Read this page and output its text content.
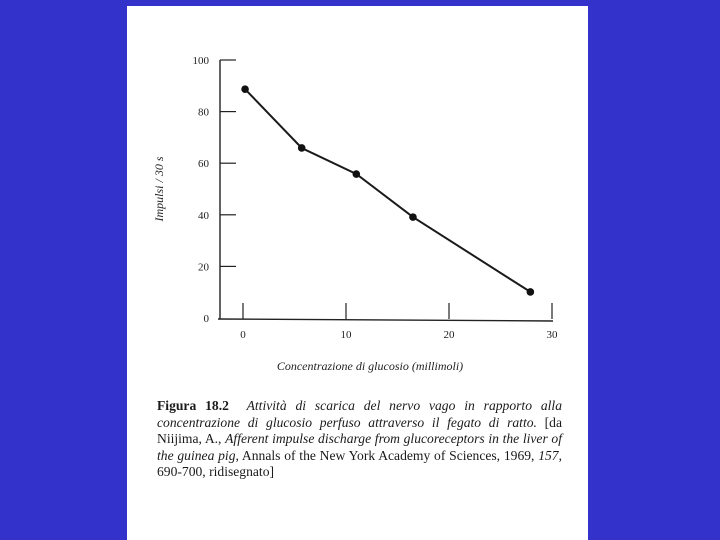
0
20
40
60
80
100
0	10	20	30
Impulsi / 30 s
Concentrazione di glucosio (millimoli)
Figura 18.2 Attività di scarica del nervo vago in rapporto alla concentrazione di glucosio perfuso attraverso il fegato di ratto. [da Niijima, A., Afferent impulse discharge from glucoreceptors in the liver of the guinea pig, Annals of the New York Academy of Sciences, 1969, 157, 690-700, ridisegnato]
